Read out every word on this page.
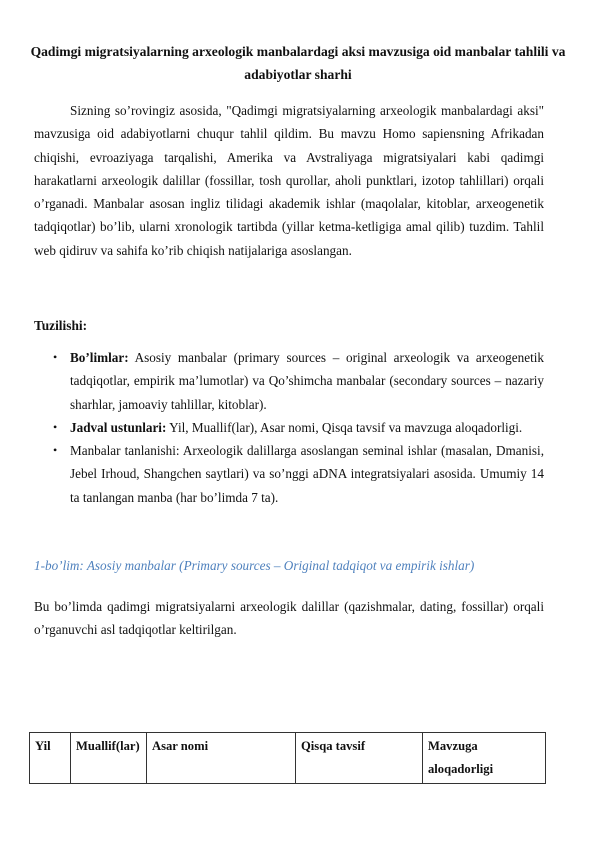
Qadimgi migratsiyalarning arxeologik manbalardagi aksi mavzusiga oid manbalar tahlili va adabiyotlar sharhi
Sizning so’rovingiz asosida, "Qadimgi migratsiyalarning arxeologik manbalardagi aksi" mavzusiga oid adabiyotlarni chuqur tahlil qildim. Bu mavzu Homo sapiensning Afrikadan chiqishi, evroaziyaga tarqalishi, Amerika va Avstraliyaga migratsiyalari kabi qadimgi harakatlarni arxeologik dalillar (fossillar, tosh qurollar, aholi punktlari, izotop tahlillari) orqali o’rganadi. Manbalar asosan ingliz tilidagi akademik ishlar (maqolalar, kitoblar, arxeogenetik tadqiqotlar) bo’lib, ularni xronologik tartibda (yillar ketma-ketligiga amal qilib) tuzdim. Tahlil web qidiruv va sahifa ko’rib chiqish natijalariga asoslangan.
Tuzilishi:
• Bo’limlar: Asosiy manbalar (primary sources – original arxeologik va arxeogenetik tadqiqotlar, empirik ma’lumotlar) va Qo’shimcha manbalar (secondary sources – nazariy sharhlar, jamoaviy tahlillar, kitoblar).
• Jadval ustunlari: Yil, Muallif(lar), Asar nomi, Qisqa tavsif va mavzuga aloqadorligi.
• Manbalar tanlanishi: Arxeologik dalillarga asoslangan seminal ishlar (masalan, Dmanisi, Jebel Irhoud, Shangchen saytlari) va so’nggi aDNA integratsiyalari asosida. Umumiy 14 ta tanlangan manba (har bo’limda 7 ta).
1-bo’lim: Asosiy manbalar (Primary sources – Original tadqiqot va empirik ishlar)
Bu bo’limda qadimgi migratsiyalarni arxeologik dalillar (qazishmalar, dating, fossillar) orqali o’rganuvchi asl tadqiqotlar keltirilgan.
Yil	Muallif(lar)	Asar nomi	Qisqa tavsif	Mavzuga aloqadorligi
